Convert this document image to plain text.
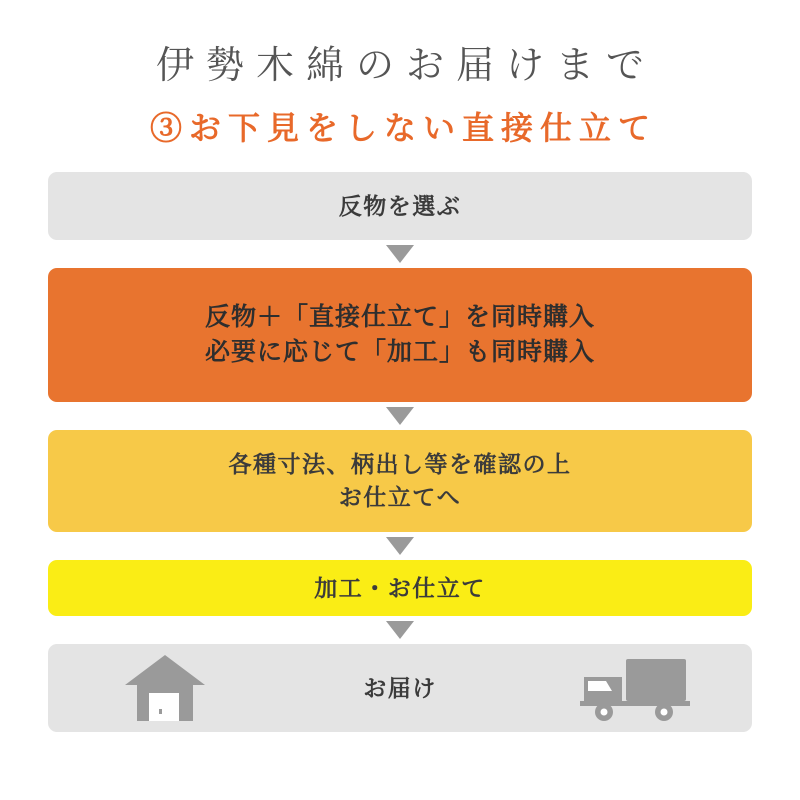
伊勢木綿のお届けまで
③お下見をしない直接仕立て
反物を選ぶ
反物＋「直接仕立て」を同時購入
必要に応じて「加工」も同時購入
各種寸法、柄出し等を確認の上
お仕立てへ
加工・お仕立て
お届け
